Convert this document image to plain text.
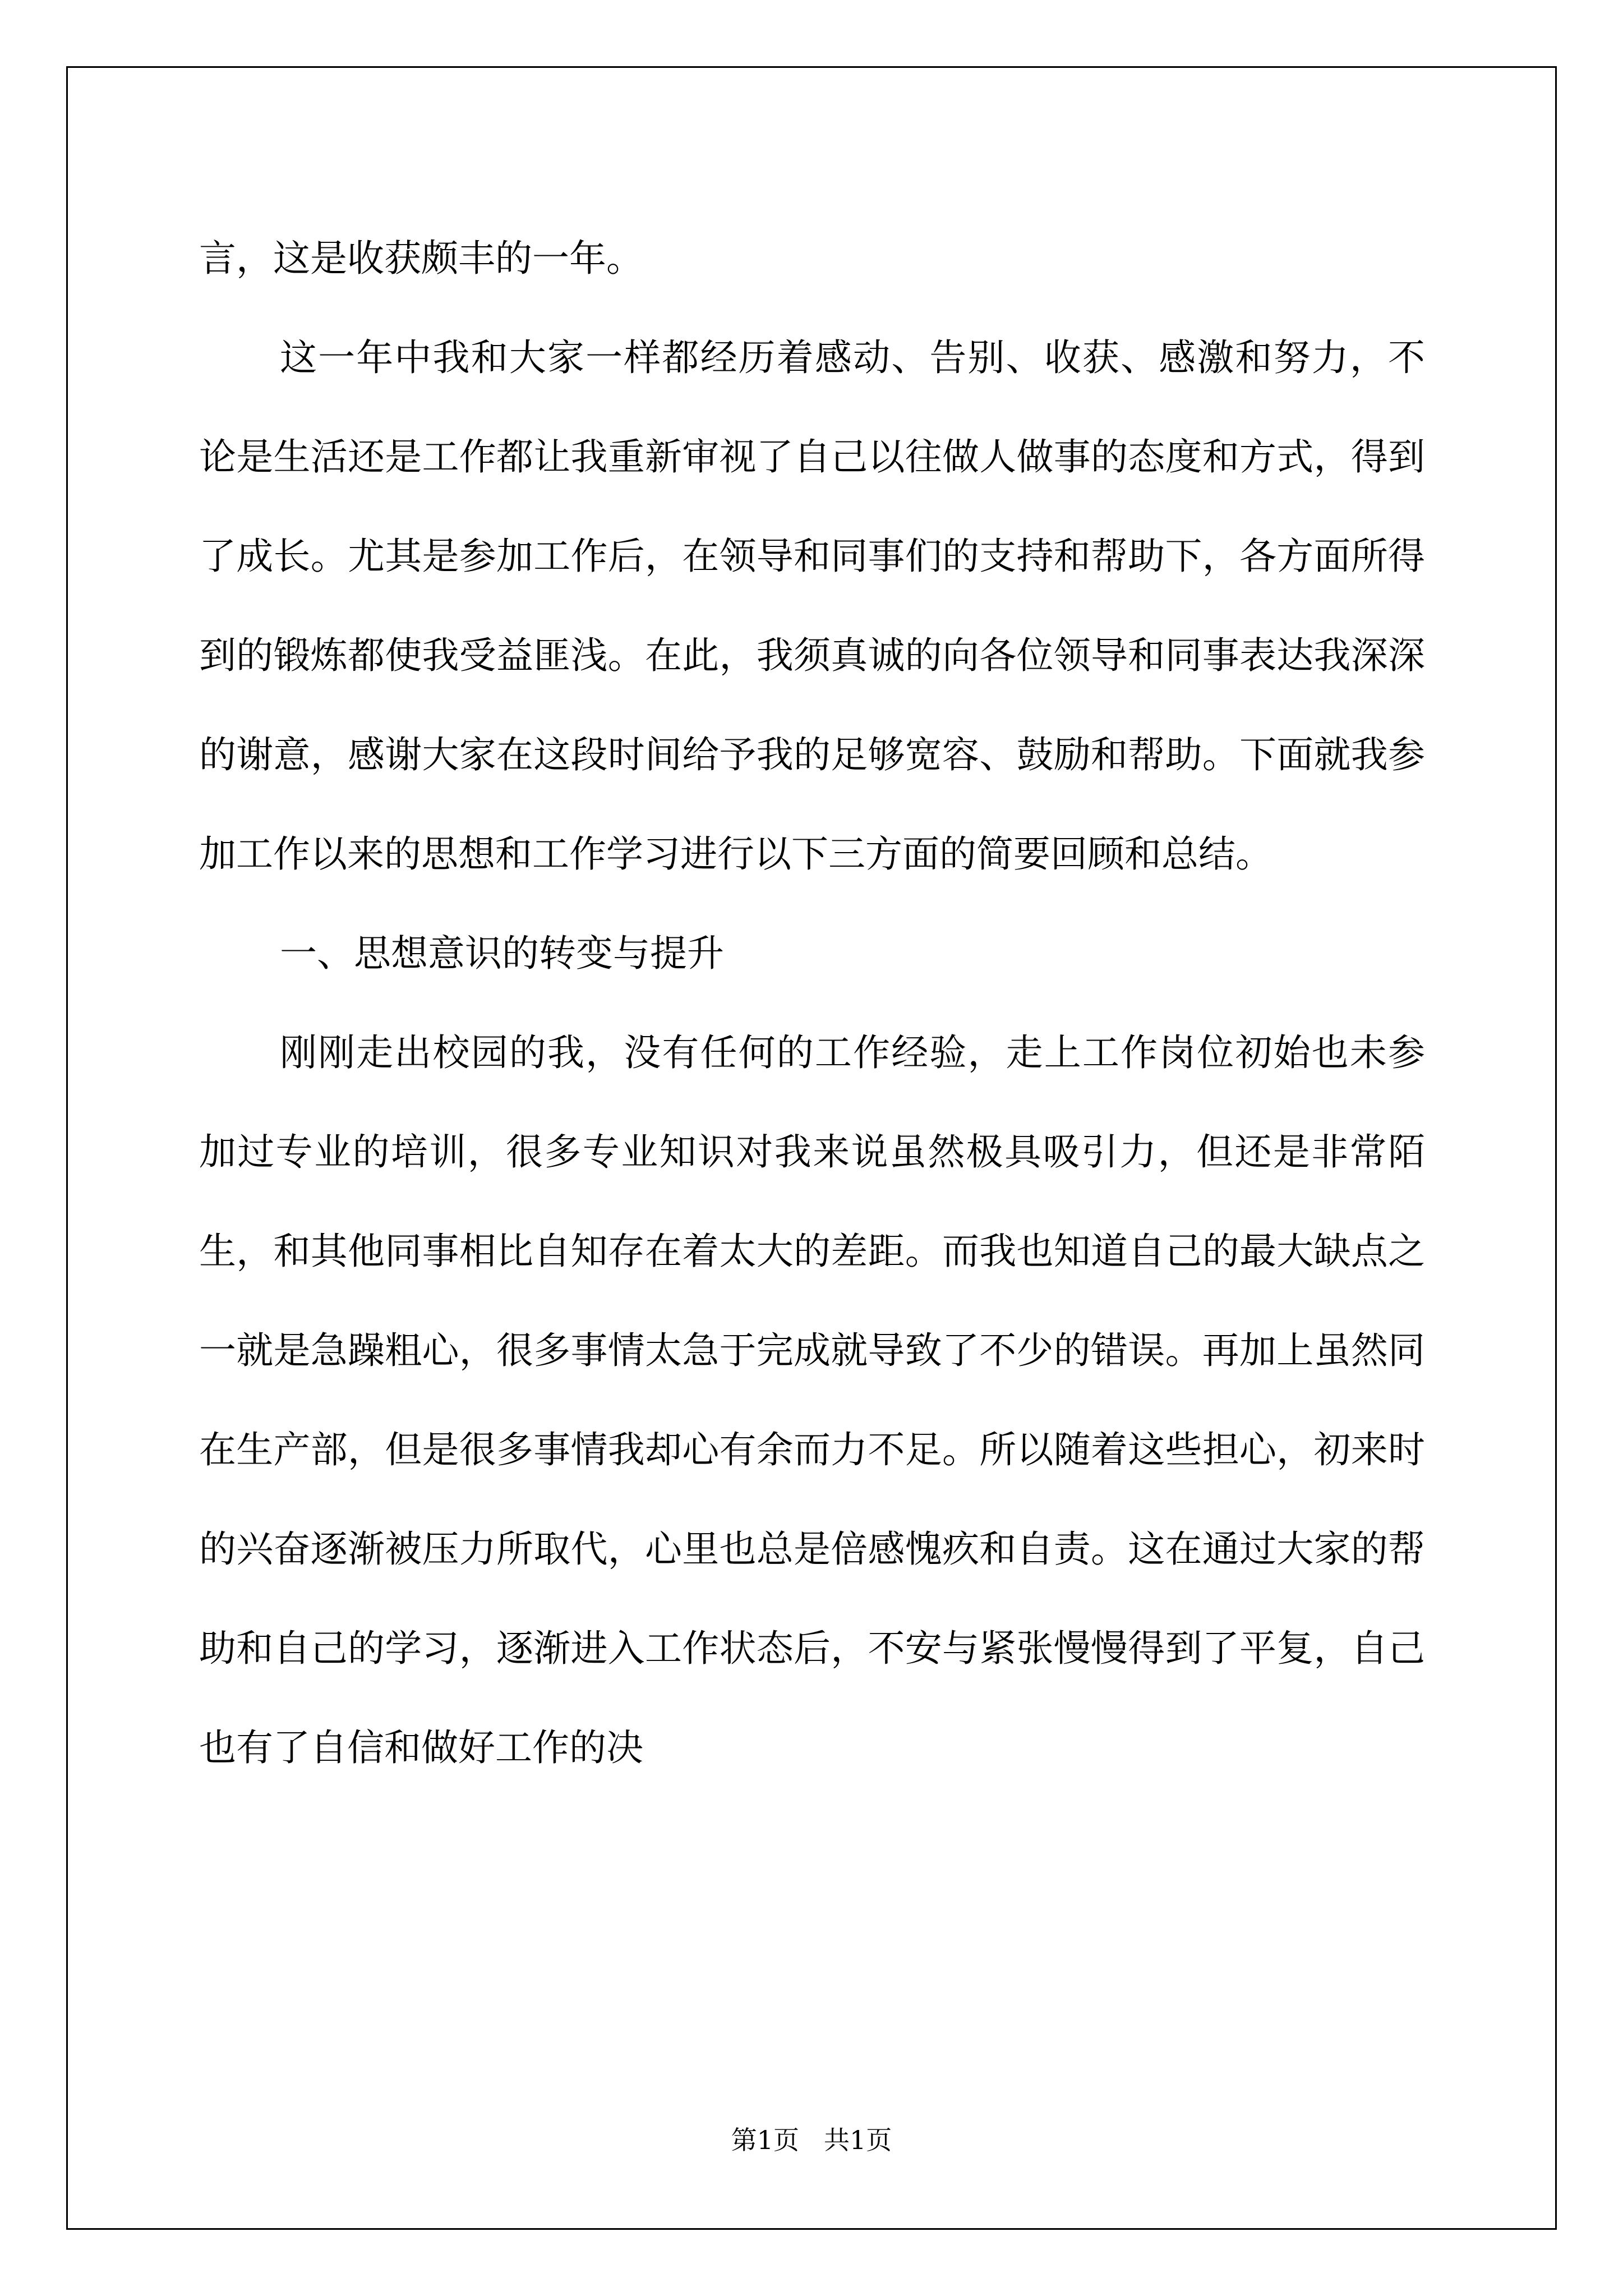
言，这是收获颇丰的一年。

这一年中我和大家一样都经历着感动、告别、收获、感激和努力，不论是生活还是工作都让我重新审视了自己以往做人做事的态度和方式，得到了成长。尤其是参加工作后，在领导和同事们的支持和帮助下，各方面所得到的锻炼都使我受益匪浅。在此，我须真诚的向各位领导和同事表达我深深的谢意，感谢大家在这段时间给予我的足够宽容、鼓励和帮助。下面就我参加工作以来的思想和工作学习进行以下三方面的简要回顾和总结。

一、思想意识的转变与提升

刚刚走出校园的我，没有任何的工作经验，走上工作岗位初始也未参加过专业的培训，很多专业知识对我来说虽然极具吸引力，但还是非常陌生，和其他同事相比自知存在着太大的差距。而我也知道自己的最大缺点之一就是急躁粗心，很多事情太急于完成就导致了不少的错误。再加上虽然同在生产部，但是很多事情我却心有余而力不足。所以随着这些担心，初来时的兴奋逐渐被压力所取代，心里也总是倍感愧疚和自责。这在通过大家的帮助和自己的学习，逐渐进入工作状态后，不安与紧张慢慢得到了平复，自己也有了自信和做好工作的决

第1页 共1页
